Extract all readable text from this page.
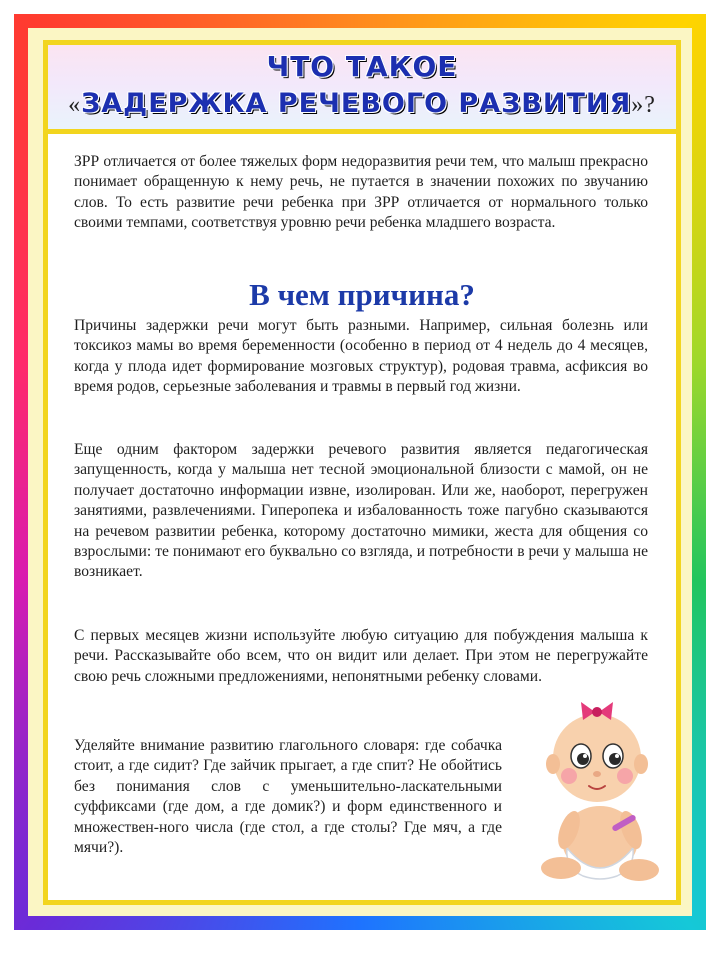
ЧТО ТАКОЕ
«ЗАДЕРЖКА РЕЧЕВОГО РАЗВИТИЯ»?

ЗРР отличается от более тяжелых форм недоразвития речи тем, что малыш прекрасно понимает обращенную к нему речь, не путается в значении похожих по звучанию слов. То есть развитие речи ребенка при ЗРР отличается от нормального только своими темпами, соответствуя уровню речи ребенка младшего возраста.

В чем причина?

Причины задержки речи могут быть разными. Например, сильная болезнь или токсикоз мамы во время беременности (особенно в период от 4 недель до 4 месяцев, когда у плода идет формирование мозговых структур), родовая травма, асфиксия во время родов, серьезные заболевания и травмы в первый год жизни.

Еще одним фактором задержки речевого развития является педагогическая запущенность, когда у малыша нет тесной эмоциональной близости с мамой, он не получает достаточно информации извне, изолирован. Или же, наоборот, перегружен занятиями, развлечениями. Гиперопека и избалованность тоже пагубно сказываются на речевом развитии ребенка, которому достаточно мимики, жеста для общения со взрослыми: те понимают его буквально со взгляда, и потребности в речи у малыша не возникает.

С первых месяцев жизни используйте любую ситуацию для побуждения малыша к речи. Рассказывайте обо всем, что он видит или делает. При этом не перегружайте свою речь сложными предложениями, непонятными ребенку словами.

Уделяйте внимание развитию глагольного словаря: где собачка стоит, а где сидит? Где зайчик прыгает, а где спит? Не обойтись без понимания слов с уменьшительно-ласкательными суффиксами (где дом, а где домик?) и форм единственного и множествен-ного числа (где стол, а где столы? Где мяч, а где мячи?).
